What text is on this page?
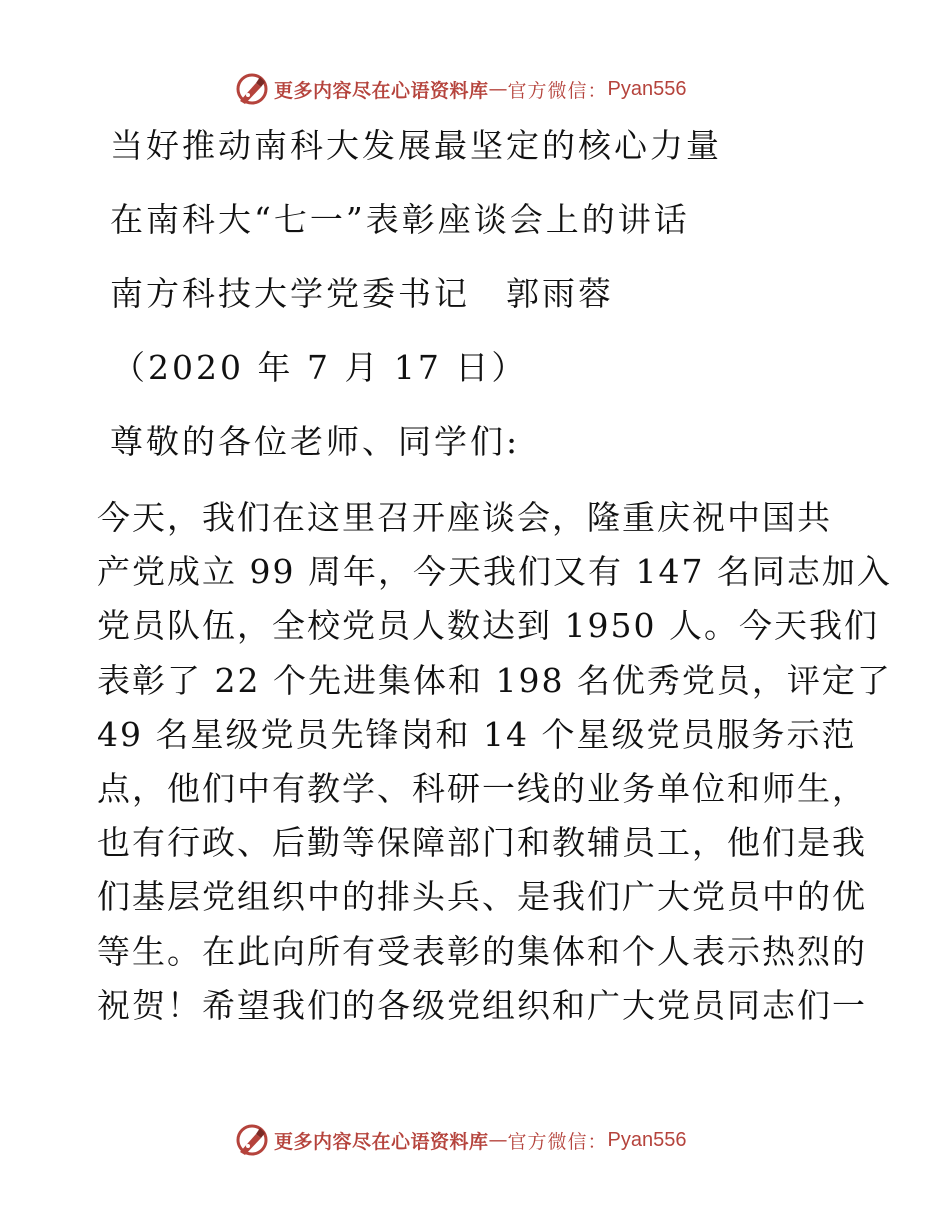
更多内容尽在心语资料库 — 官方微信： Pyan556
当好推动南科大发展最坚定的核心力量
在南科大“七一”表彰座谈会上的讲话
南方科技大学党委书记　郭雨蓉
（2020 年 7 月 17 日）
尊敬的各位老师、同学们:

今天，我们在这里召开座谈会，隆重庆祝中国共

产党成立 99 周年，今天我们又有 147 名同志加入

党员队伍，全校党员人数达到 1950 人。今天我们

表彰了 22 个先进集体和 198 名优秀党员，评定了

49 名星级党员先锋岗和 14 个星级党员服务示范

点，他们中有教学、科研一线的业务单位和师生，

也有行政、后勤等保障部门和教辅员工，他们是我

们基层党组织中的排头兵、是我们广大党员中的优

等生。在此向所有受表彰的集体和个人表示热烈的

祝贺！希望我们的各级党组织和广大党员同志们一

更多内容尽在心语资料库 — 官方微信： Pyan556
